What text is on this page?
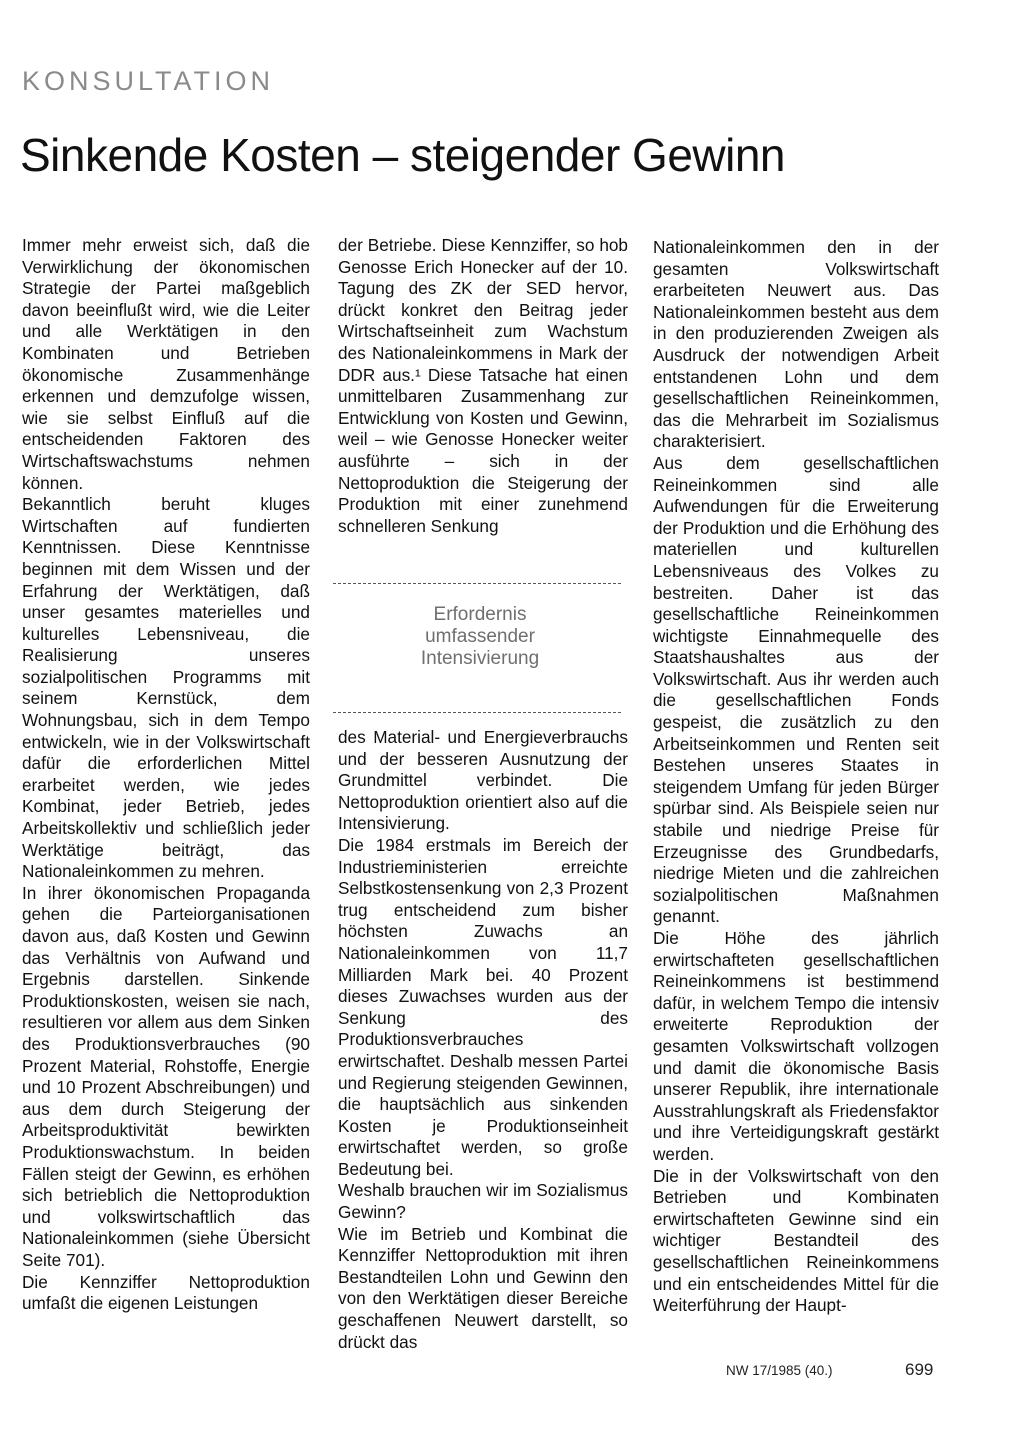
KONSULTATION
Sinkende Kosten – steigender Gewinn

Immer mehr erweist sich, daß die Verwirklichung der ökonomischen Strategie der Partei maßgeblich davon beeinflußt wird, wie die Leiter und alle Werktätigen in den Kombinaten und Betrieben ökonomische Zusammenhänge erkennen und demzufolge wissen, wie sie selbst Einfluß auf die entscheidenden Faktoren des Wirtschaftswachstums nehmen können.

Bekanntlich beruht kluges Wirtschaften auf fundierten Kenntnissen. Diese Kenntnisse beginnen mit dem Wissen und der Erfahrung der Werktätigen, daß unser gesamtes materielles und kulturelles Lebensniveau, die Realisierung unseres sozialpolitischen Programms mit seinem Kernstück, dem Wohnungsbau, sich in dem Tempo entwickeln, wie in der Volkswirtschaft dafür die erforderlichen Mittel erarbeitet werden, wie jedes Kombinat, jeder Betrieb, jedes Arbeitskollektiv und schließlich jeder Werktätige beiträgt, das Nationaleinkommen zu mehren.

In ihrer ökonomischen Propaganda gehen die Parteiorganisationen davon aus, daß Kosten und Gewinn das Verhältnis von Aufwand und Ergebnis darstellen. Sinkende Produktionskosten, weisen sie nach, resultieren vor allem aus dem Sinken des Produktionsverbrauches (90 Prozent Material, Rohstoffe, Energie und 10 Prozent Abschreibungen) und aus dem durch Steigerung der Arbeitsproduktivität bewirkten Produktionswachstum. In beiden Fällen steigt der Gewinn, es erhöhen sich betrieblich die Nettoproduktion und volkswirtschaftlich das Nationaleinkommen (siehe Übersicht Seite 701).

Die Kennziffer Nettoproduktion umfaßt die eigenen Leistungen

der Betriebe. Diese Kennziffer, so hob Genosse Erich Honecker auf der 10. Tagung des ZK der SED hervor, drückt konkret den Beitrag jeder Wirtschaftseinheit zum Wachstum des Nationaleinkommens in Mark der DDR aus.¹ Diese Tatsache hat einen unmittelbaren Zusammenhang zur Entwicklung von Kosten und Gewinn, weil – wie Genosse Honecker weiter ausführte – sich in der Nettoproduktion die Steigerung der Produktion mit einer zunehmend schnelleren Senkung

Erfordernis
umfassender
Intensivierung

des Material- und Energieverbrauchs und der besseren Ausnutzung der Grundmittel verbindet. Die Nettoproduktion orientiert also auf die Intensivierung.

Die 1984 erstmals im Bereich der Industrieministerien erreichte Selbstkostensenkung von 2,3 Prozent trug entscheidend zum bisher höchsten Zuwachs an Nationaleinkommen von 11,7 Milliarden Mark bei. 40 Prozent dieses Zuwachses wurden aus der Senkung des Produktionsverbrauches erwirtschaftet. Deshalb messen Partei und Regierung steigenden Gewinnen, die hauptsächlich aus sinkenden Kosten je Produktionseinheit erwirtschaftet werden, so große Bedeutung bei.

Weshalb brauchen wir im Sozialismus Gewinn?

Wie im Betrieb und Kombinat die Kennziffer Nettoproduktion mit ihren Bestandteilen Lohn und Gewinn den von den Werktätigen dieser Bereiche geschaffenen Neuwert darstellt, so drückt das

Nationaleinkommen den in der gesamten Volkswirtschaft erarbeiteten Neuwert aus. Das Nationaleinkommen besteht aus dem in den produzierenden Zweigen als Ausdruck der notwendigen Arbeit entstandenen Lohn und dem gesellschaftlichen Reineinkommen, das die Mehrarbeit im Sozialismus charakterisiert.

Aus dem gesellschaftlichen Reineinkommen sind alle Aufwendungen für die Erweiterung der Produktion und die Erhöhung des materiellen und kulturellen Lebensniveaus des Volkes zu bestreiten. Daher ist das gesellschaftliche Reineinkommen wichtigste Einnahmequelle des Staatshaushaltes aus der Volkswirtschaft. Aus ihr werden auch die gesellschaftlichen Fonds gespeist, die zusätzlich zu den Arbeitseinkommen und Renten seit Bestehen unseres Staates in steigendem Umfang für jeden Bürger spürbar sind. Als Beispiele seien nur stabile und niedrige Preise für Erzeugnisse des Grundbedarfs, niedrige Mieten und die zahlreichen sozialpolitischen Maßnahmen genannt.

Die Höhe des jährlich erwirtschafteten gesellschaftlichen Reineinkommens ist bestimmend dafür, in welchem Tempo die intensiv erweiterte Reproduktion der gesamten Volkswirtschaft vollzogen und damit die ökonomische Basis unserer Republik, ihre internationale Ausstrahlungskraft als Friedensfaktor und ihre Verteidigungskraft gestärkt werden.

Die in der Volkswirtschaft von den Betrieben und Kombinaten erwirtschafteten Gewinne sind ein wichtiger Bestandteil des gesellschaftlichen Reineinkommens und ein entscheidendes Mittel für die Weiterführung der Haupt-

NW 17/1985 (40.)	699
